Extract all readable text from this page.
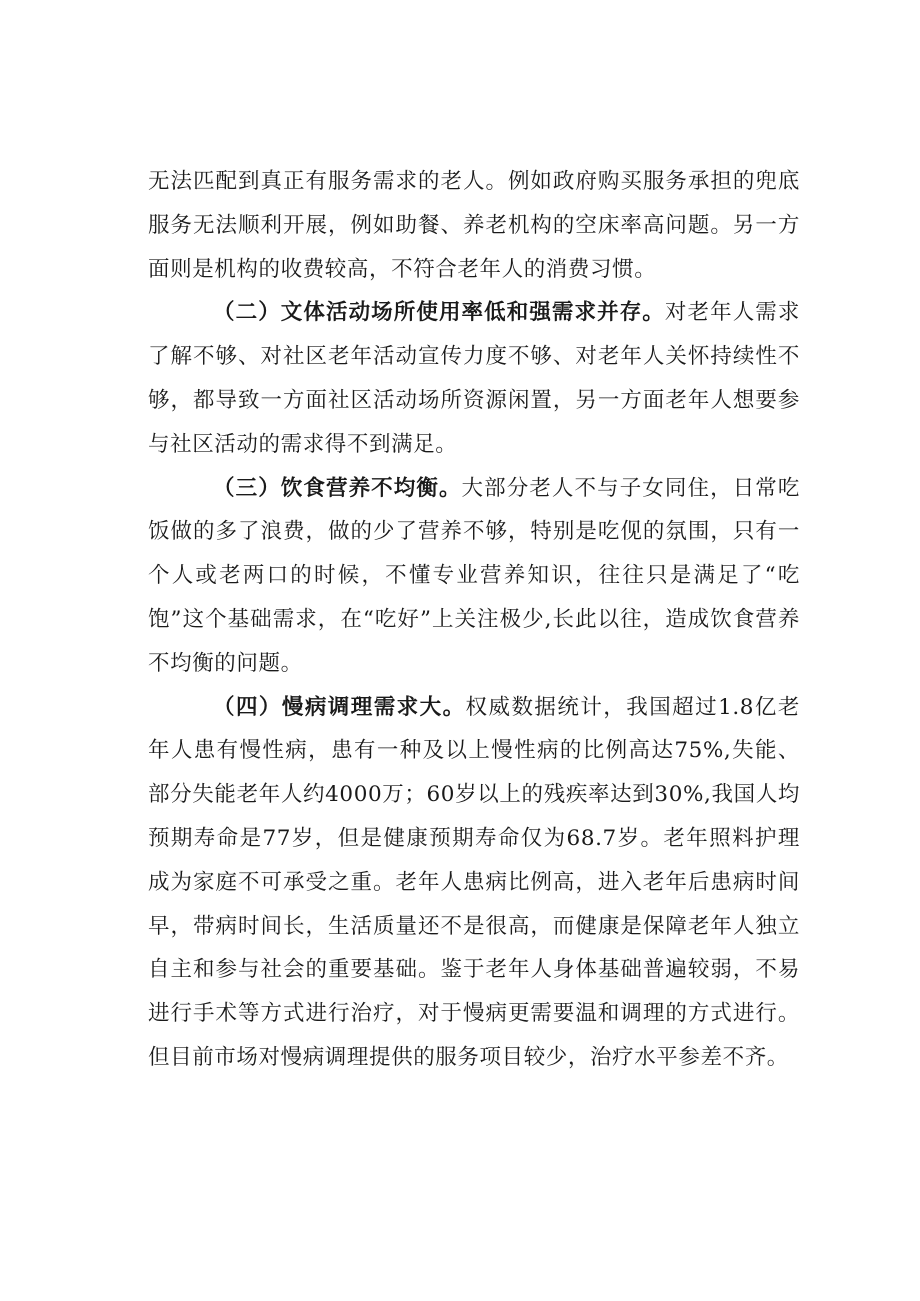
无法匹配到真正有服务需求的老人。例如政府购买服务承担的兜底服务无法顺利开展，例如助餐、养老机构的空床率高问题。另一方面则是机构的收费较高，不符合老年人的消费习惯。

（二）文体活动场所使用率低和强需求并存。对老年人需求了解不够、对社区老年活动宣传力度不够、对老年人关怀持续性不够，都导致一方面社区活动场所资源闲置，另一方面老年人想要参与社区活动的需求得不到满足。

（三）饮食营养不均衡。大部分老人不与子女同住，日常吃饭做的多了浪费，做的少了营养不够，特别是吃伣的氛围，只有一个人或老两口的时候，不懂专业营养知识，往往只是满足了“吃饱”这个基础需求，在“吃好”上关注极少,长此以往，造成饮食营养不均衡的问题。

（四）慢病调理需求大。权威数据统计，我国超过1.8亿老年人患有慢性病，患有一种及以上慢性病的比例高达75%,失能、部分失能老年人约4000万；60岁以上的残疾率达到30%,我国人均预期寿命是77岁，但是健康预期寿命仅为68.7岁。老年照料护理成为家庭不可承受之重。老年人患病比例高，进入老年后患病时间早，带病时间长，生活质量还不是很高，而健康是保障老年人独立自主和参与社会的重要基础。鉴于老年人身体基础普遍较弱，不易进行手术等方式进行治疗，对于慢病更需要温和调理的方式进行。但目前市场对慢病调理提供的服务项目较少，治疗水平参差不齐。
